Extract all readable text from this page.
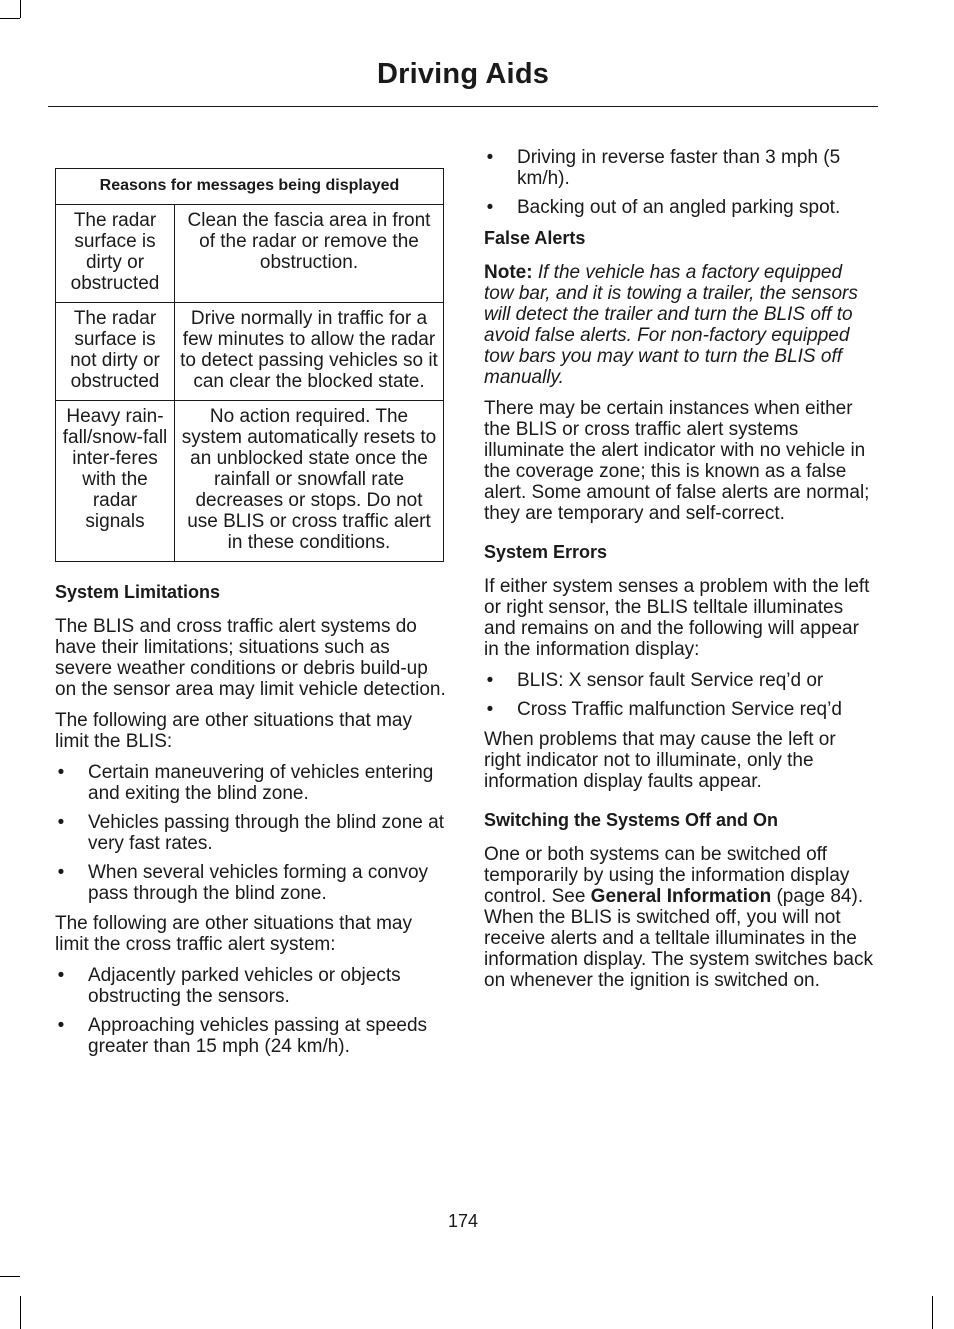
Driving Aids
Reasons for messages being displayed	
The radar surface is dirty or obstructed	Clean the fascia area in front of the radar or remove the obstruction.
The radar surface is not dirty or obstructed	Drive normally in traffic for a few minutes to allow the radar to detect passing vehicles so it can clear the blocked state.
Heavy rain-fall/snow-fall inter-feres with the radar signals	No action required. The system automatically resets to an unblocked state once the rainfall or snowfall rate decreases or stops. Do not use BLIS or cross traffic alert in these conditions.
System Limitations

The BLIS and cross traffic alert systems do have their limitations; situations such as severe weather conditions or debris build-up on the sensor area may limit vehicle detection.

The following are other situations that may limit the BLIS:

• Certain maneuvering of vehicles entering and exiting the blind zone.
• Vehicles passing through the blind zone at very fast rates.
• When several vehicles forming a convoy pass through the blind zone.

The following are other situations that may limit the cross traffic alert system:

• Adjacently parked vehicles or objects obstructing the sensors.
• Approaching vehicles passing at speeds greater than 15 mph (24 km/h).
• Driving in reverse faster than 3 mph (5 km/h).
• Backing out of an angled parking spot.
False Alerts

Note: If the vehicle has a factory equipped tow bar, and it is towing a trailer, the sensors will detect the trailer and turn the BLIS off to avoid false alerts. For non-factory equipped tow bars you may want to turn the BLIS off manually.

There may be certain instances when either the BLIS or cross traffic alert systems illuminate the alert indicator with no vehicle in the coverage zone; this is known as a false alert. Some amount of false alerts are normal; they are temporary and self-correct.

System Errors

If either system senses a problem with the left or right sensor, the BLIS telltale illuminates and remains on and the following will appear in the information display:

• BLIS: X sensor fault Service req’d or
• Cross Traffic malfunction Service req’d

When problems that may cause the left or right indicator not to illuminate, only the information display faults appear.

Switching the Systems Off and On

One or both systems can be switched off temporarily by using the information display control. See General Information (page 84). When the BLIS is switched off, you will not receive alerts and a telltale illuminates in the information display. The system switches back on whenever the ignition is switched on.

174
